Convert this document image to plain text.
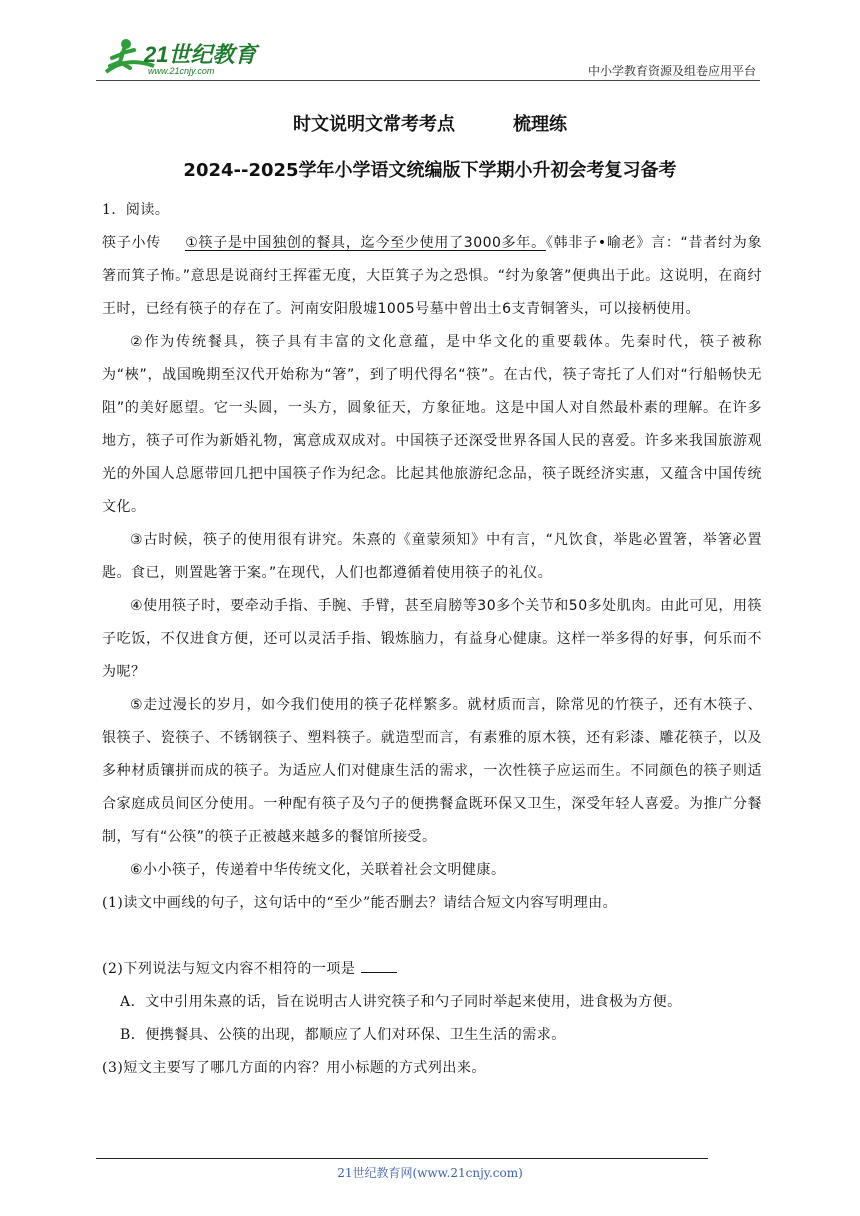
21世纪教育
www.21cnjy.com	中小学教育资源及组卷应用平台
时文说明文常考考点	梳理练
2024--2025学年小学语文统编版下学期小升初会考复习备考

1．阅读。

筷子小传 ①筷子是中国独创的餐具，迄今至少使用了3000多年。《韩非子•喻老》言：“昔者纣为象箸而箕子怖。”意思是说商纣王挥霍无度，大臣箕子为之恐惧。“纣为象箸”便典出于此。这说明，在商纣王时，已经有筷子的存在了。河南安阳殷墟1005号墓中曾出土6支青铜箸头，可以接柄使用。

②作为传统餐具，筷子具有丰富的文化意蕴，是中华文化的重要载体。先秦时代，筷子被称为“梜”，战国晚期至汉代开始称为“箸”，到了明代得名“筷”。在古代，筷子寄托了人们对“行船畅快无阻”的美好愿望。它一头圆，一头方，圆象征天，方象征地。这是中国人对自然最朴素的理解。在许多地方，筷子可作为新婚礼物，寓意成双成对。中国筷子还深受世界各国人民的喜爱。许多来我国旅游观光的外国人总愿带回几把中国筷子作为纪念。比起其他旅游纪念品，筷子既经济实惠，又蕴含中国传统文化。

③古时候，筷子的使用很有讲究。朱熹的《童蒙须知》中有言，“凡饮食，举匙必置箸，举箸必置匙。食已，则置匙箸于案。”在现代，人们也都遵循着使用筷子的礼仪。

④使用筷子时，要牵动手指、手腕、手臂，甚至肩膀等30多个关节和50多处肌肉。由此可见，用筷子吃饭，不仅进食方便，还可以灵活手指、锻炼脑力，有益身心健康。这样一举多得的好事，何乐而不为呢？

⑤走过漫长的岁月，如今我们使用的筷子花样繁多。就材质而言，除常见的竹筷子，还有木筷子、银筷子、瓷筷子、不锈钢筷子、塑料筷子。就造型而言，有素雅的原木筷，还有彩漆、雕花筷子，以及多种材质镶拼而成的筷子。为适应人们对健康生活的需求，一次性筷子应运而生。不同颜色的筷子则适合家庭成员间区分使用。一种配有筷子及勺子的便携餐盒既环保又卫生，深受年轻人喜爱。为推广分餐制，写有“公筷”的筷子正被越来越多的餐馆所接受。

⑥小小筷子，传递着中华传统文化，关联着社会文明健康。

(1)读文中画线的句子，这句话中的“至少”能否删去？请结合短文内容写明理由。

(2)下列说法与短文内容不相符的一项是

A．文中引用朱熹的话，旨在说明古人讲究筷子和勺子同时举起来使用，进食极为方便。

B．便携餐具、公筷的出现，都顺应了人们对环保、卫生生活的需求。

(3)短文主要写了哪几方面的内容？用小标题的方式列出来。

21世纪教育网(www.21cnjy.com)
